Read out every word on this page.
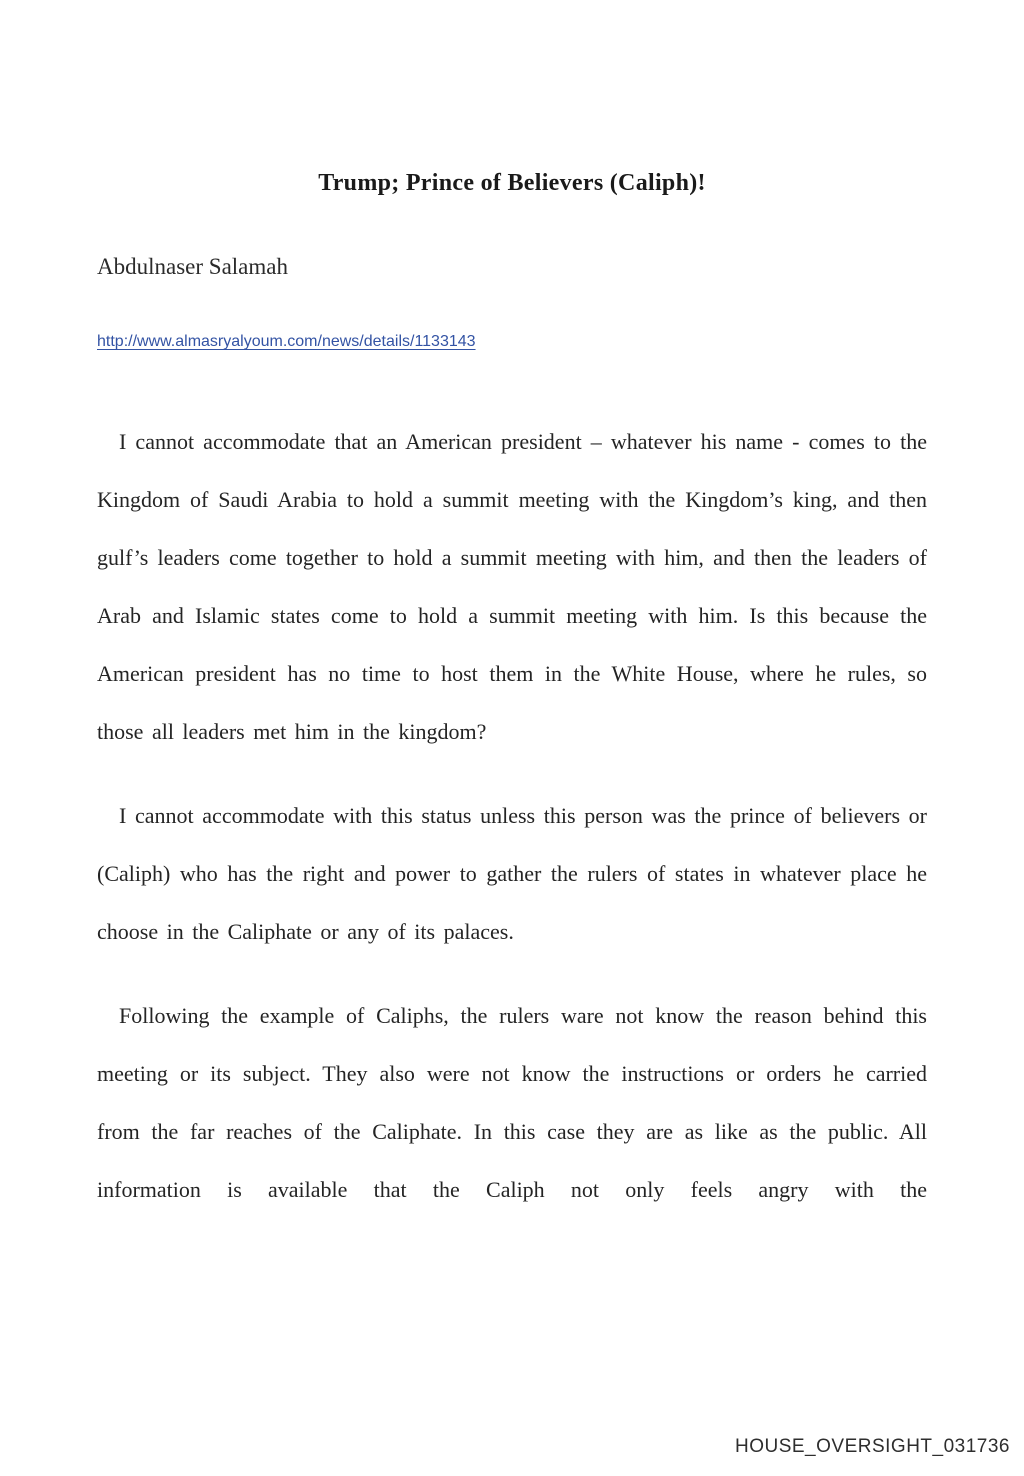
Trump; Prince of Believers (Caliph)!

Abdulnaser Salamah

http://www.almasryalyoum.com/news/details/1133143

I cannot accommodate that an American president – whatever his name - comes to the Kingdom of Saudi Arabia to hold a summit meeting with the Kingdom’s king, and then gulf’s leaders come together to hold a summit meeting with him, and then the leaders of Arab and Islamic states come to hold a summit meeting with him. Is this because the American president has no time to host them in the White House, where he rules, so those all leaders met him in the kingdom?

I cannot accommodate with this status unless this person was the prince of believers or (Caliph) who has the right and power to gather the rulers of states in whatever place he choose in the Caliphate or any of its palaces.

Following the example of Caliphs, the rulers ware not know the reason behind this meeting or its subject. They also were not know the instructions or orders he carried from the far reaches of the Caliphate. In this case they are as like as the public. All information is available that the Caliph not only feels angry with the

HOUSE_OVERSIGHT_031736
